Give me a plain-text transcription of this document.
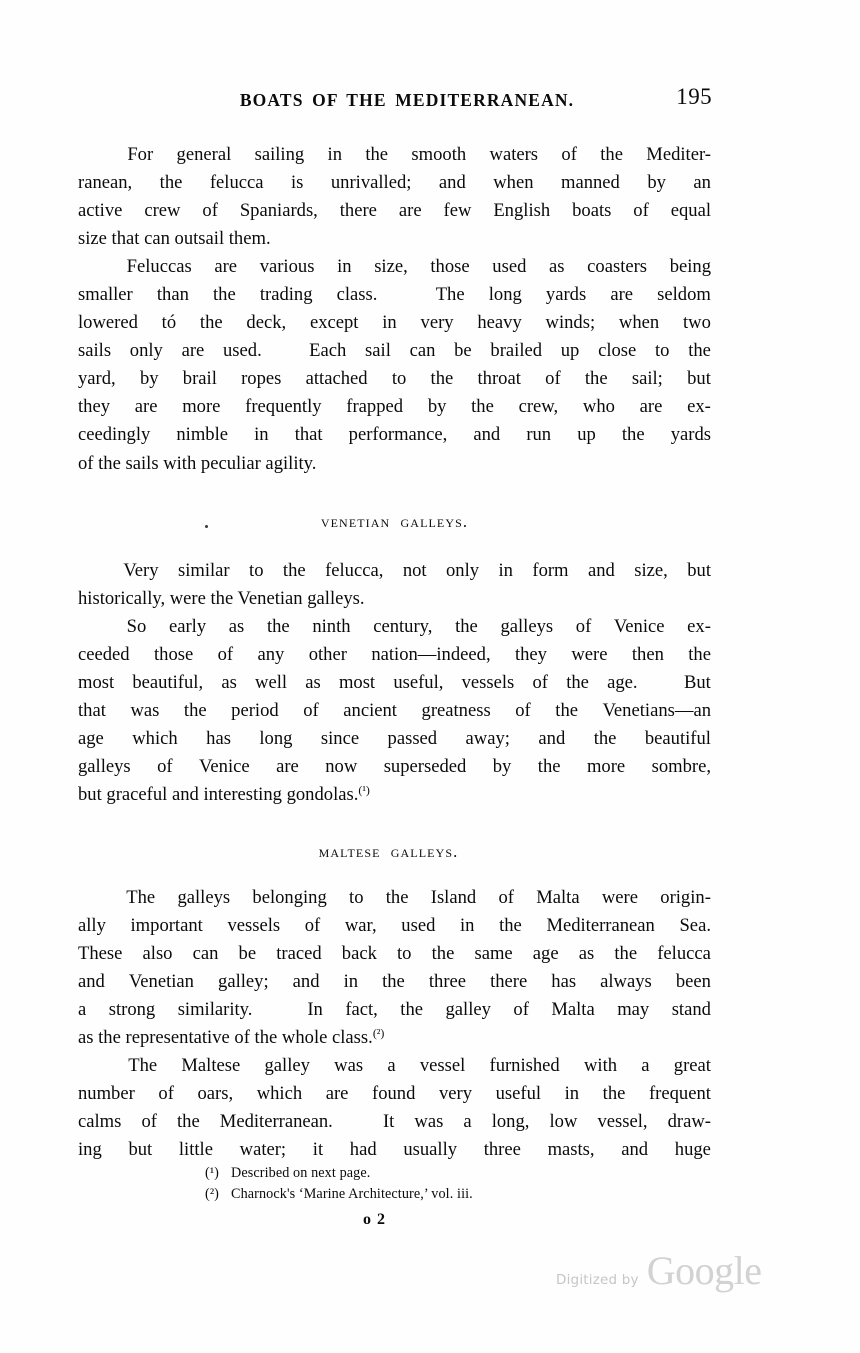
BOATS OF THE MEDITERRANEAN.	195
For general sailing in the smooth waters of the Mediter-
ranean, the felucca is unrivalled; and when manned by an
active crew of Spaniards, there are few English boats of equal
size that can outsail them.
Feluccas are various in size, those used as coasters being
smaller than the trading class.
	The long yards are seldom
lowered tó the deck, except in very heavy winds; when two
sails only are used.
	Each sail can be brailed up close to the
yard, by brail ropes attached to the throat of the sail; but
they are more frequently frapped by the crew, who are ex-
ceedingly nimble in that performance, and run up the yards
of the sails with peculiar agility.
venetian galleys.
Very similar to the felucca, not only in form and size, but
historically, were the Venetian galleys.
So early as the ninth century, the galleys of Venice ex-
ceeded those of any other nation—indeed, they were then the
most beautiful, as well as most useful, vessels of the age.
But
that was the period of ancient greatness of the Venetians—an
age which has long since passed away; and the beautiful
galleys of Venice are now superseded by the more sombre,
but graceful and interesting gondolas.$^{(^1)}$
maltese galleys.
The galleys belonging to the Island of Malta were origin-
ally important vessels of war, used in the Mediterranean Sea.
These also can be traced back to the same age as the felucca
and Venetian galley; and in the three there has always been
a strong similarity.
	In fact, the galley of Malta may stand
as the representative of the whole class.$^{(^2)}$
The Maltese galley was a vessel furnished with a great
number of oars, which are found very useful in the frequent
calms of the Mediterranean.
	It was a long, low vessel, draw-
ing but little water; it had usually three masts, and huge
(¹) Described on next page.
(²) Charnock's ‘Marine Architecture,’ vol. iii.
o 2
Digitized by Google
